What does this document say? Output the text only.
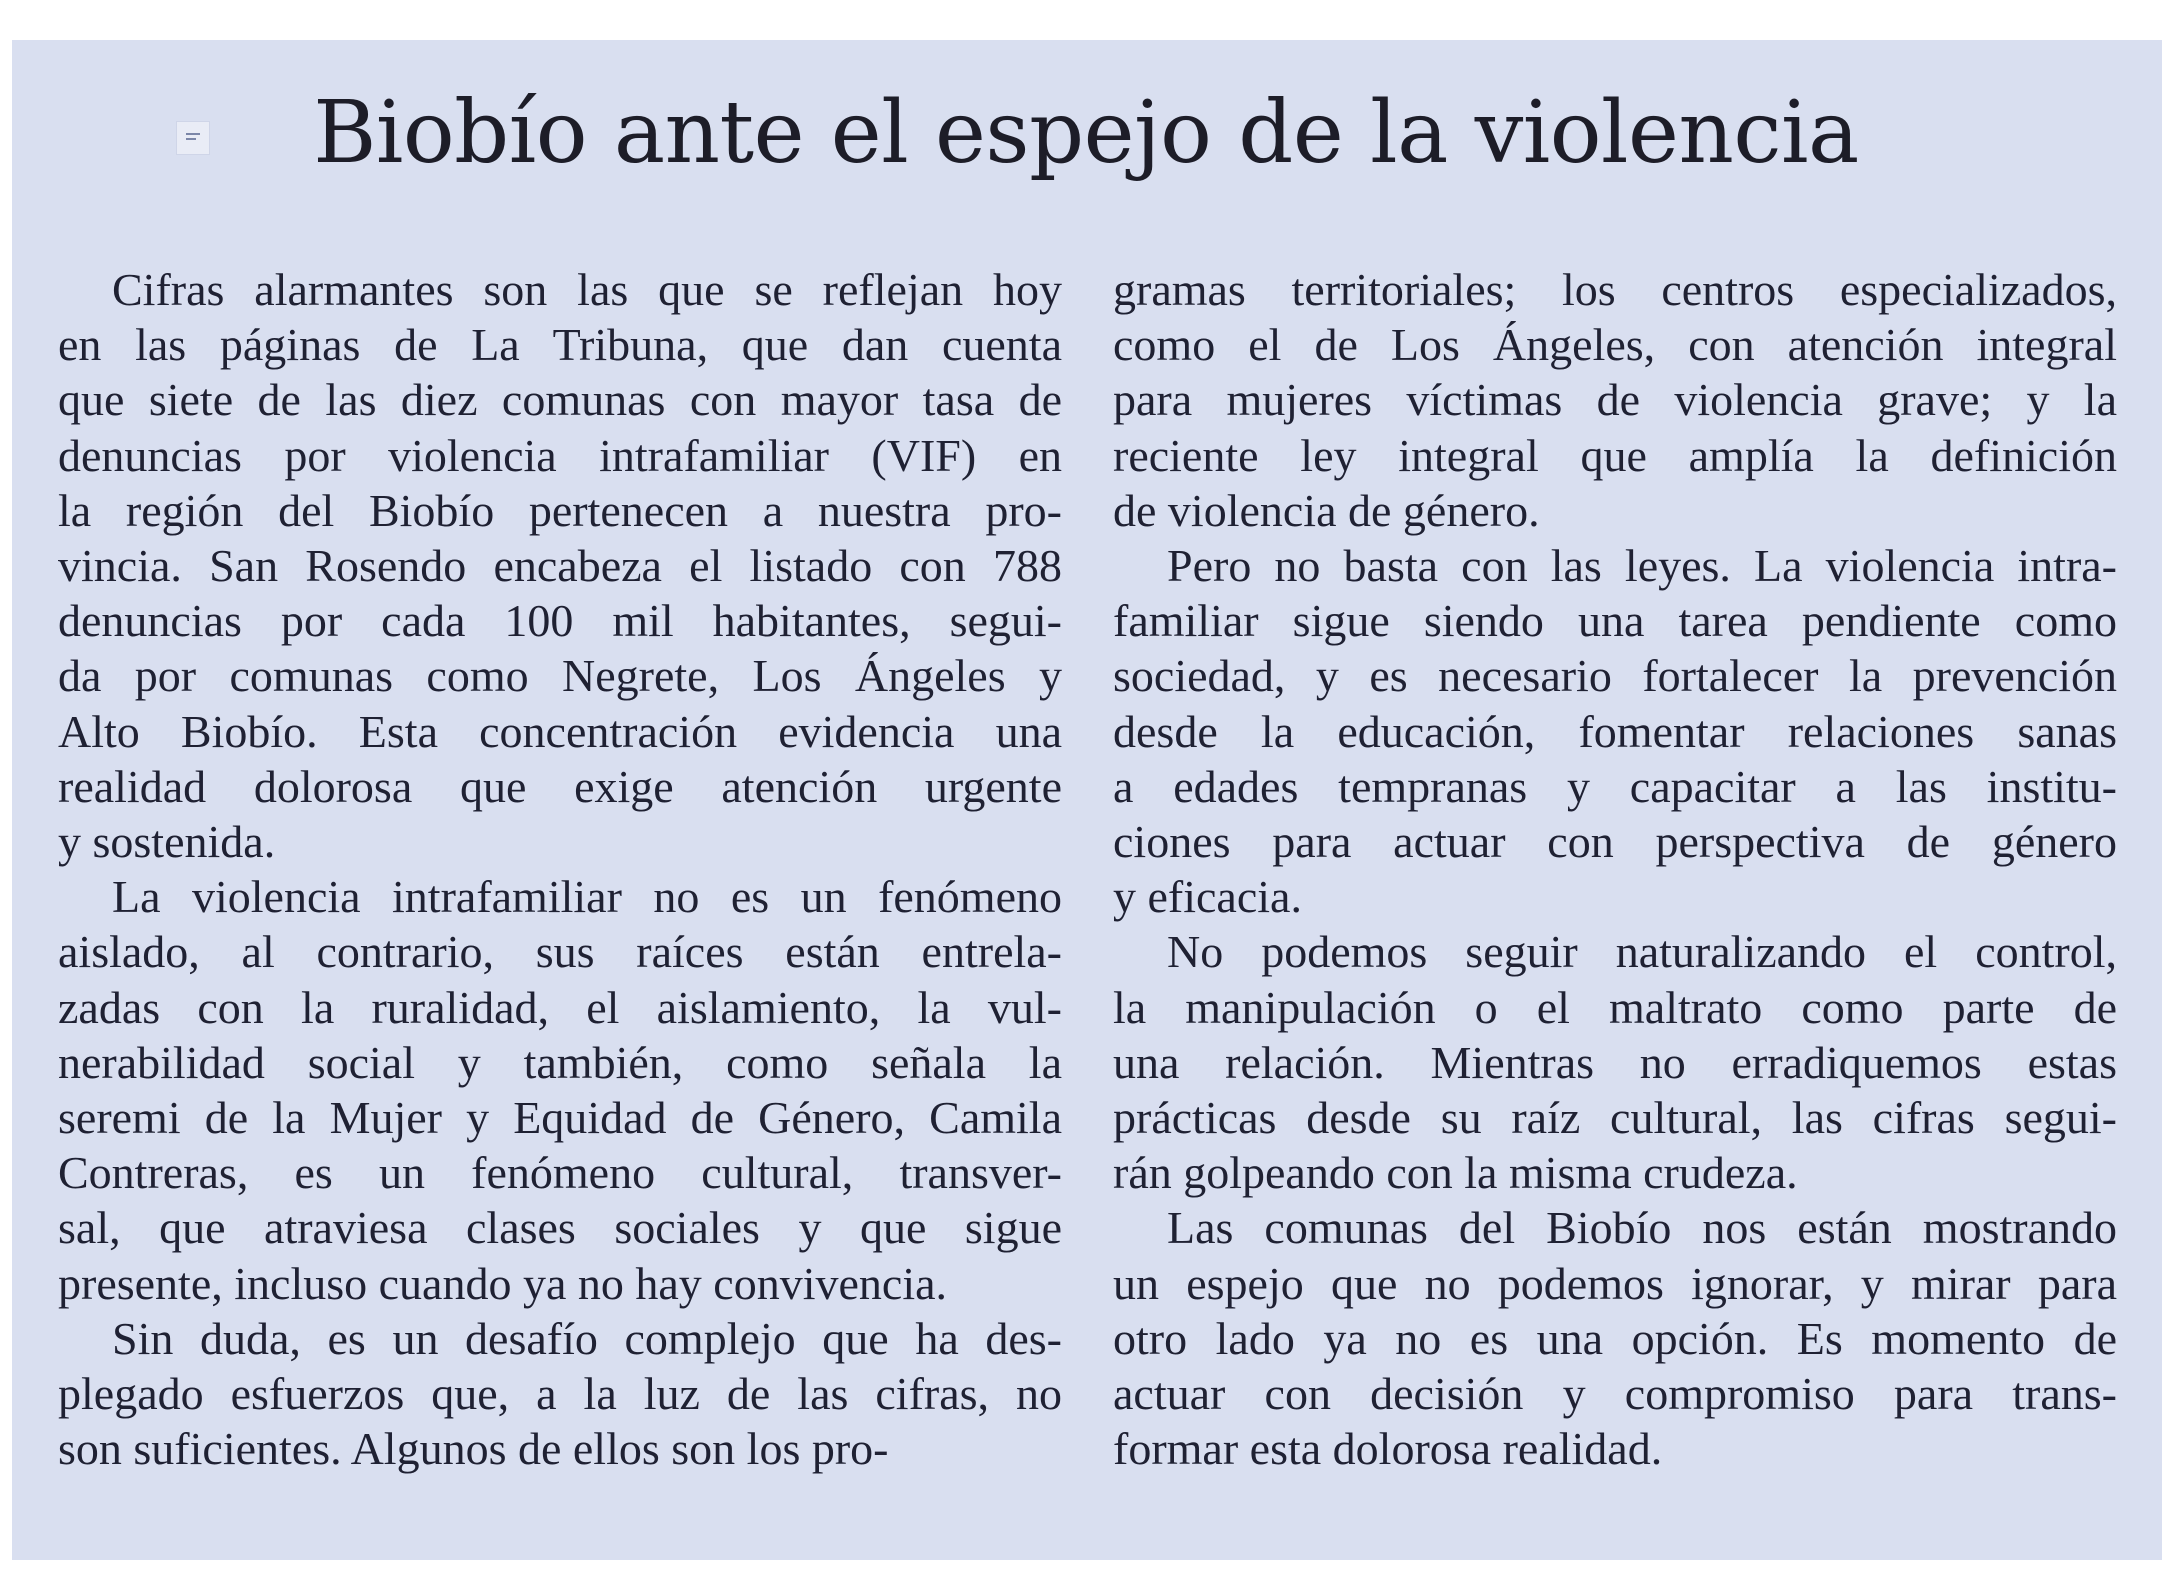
Biobío ante el espejo de la violencia

Cifras alarmantes son las que se reflejan hoy
en las páginas de La Tribuna, que dan cuenta
que siete de las diez comunas con mayor tasa de
denuncias por violencia intrafamiliar (VIF) en
la región del Biobío pertenecen a nuestra pro-
vincia. San Rosendo encabeza el listado con 788
denuncias por cada 100 mil habitantes, segui-
da por comunas como Negrete, Los Ángeles y
Alto Biobío. Esta concentración evidencia una
realidad dolorosa que exige atención urgente
y sostenida.

La violencia intrafamiliar no es un fenómeno
aislado, al contrario, sus raíces están entrela-
zadas con la ruralidad, el aislamiento, la vul-
nerabilidad social y también, como señala la
seremi de la Mujer y Equidad de Género, Camila
Contreras, es un fenómeno cultural, transver-
sal, que atraviesa clases sociales y que sigue
presente, incluso cuando ya no hay convivencia.

Sin duda, es un desafío complejo que ha des-
plegado esfuerzos que, a la luz de las cifras, no
son suficientes. Algunos de ellos son los pro-

gramas territoriales; los centros especializados,
como el de Los Ángeles, con atención integral
para mujeres víctimas de violencia grave; y la
reciente ley integral que amplía la definición
de violencia de género.

Pero no basta con las leyes. La violencia intra-
familiar sigue siendo una tarea pendiente como
sociedad, y es necesario fortalecer la prevención
desde la educación, fomentar relaciones sanas
a edades tempranas y capacitar a las institu-
ciones para actuar con perspectiva de género
y eficacia.

No podemos seguir naturalizando el control,
la manipulación o el maltrato como parte de
una relación. Mientras no erradiquemos estas
prácticas desde su raíz cultural, las cifras segui-
rán golpeando con la misma crudeza.

Las comunas del Biobío nos están mostrando
un espejo que no podemos ignorar, y mirar para
otro lado ya no es una opción. Es momento de
actuar con decisión y compromiso para trans-
formar esta dolorosa realidad.
